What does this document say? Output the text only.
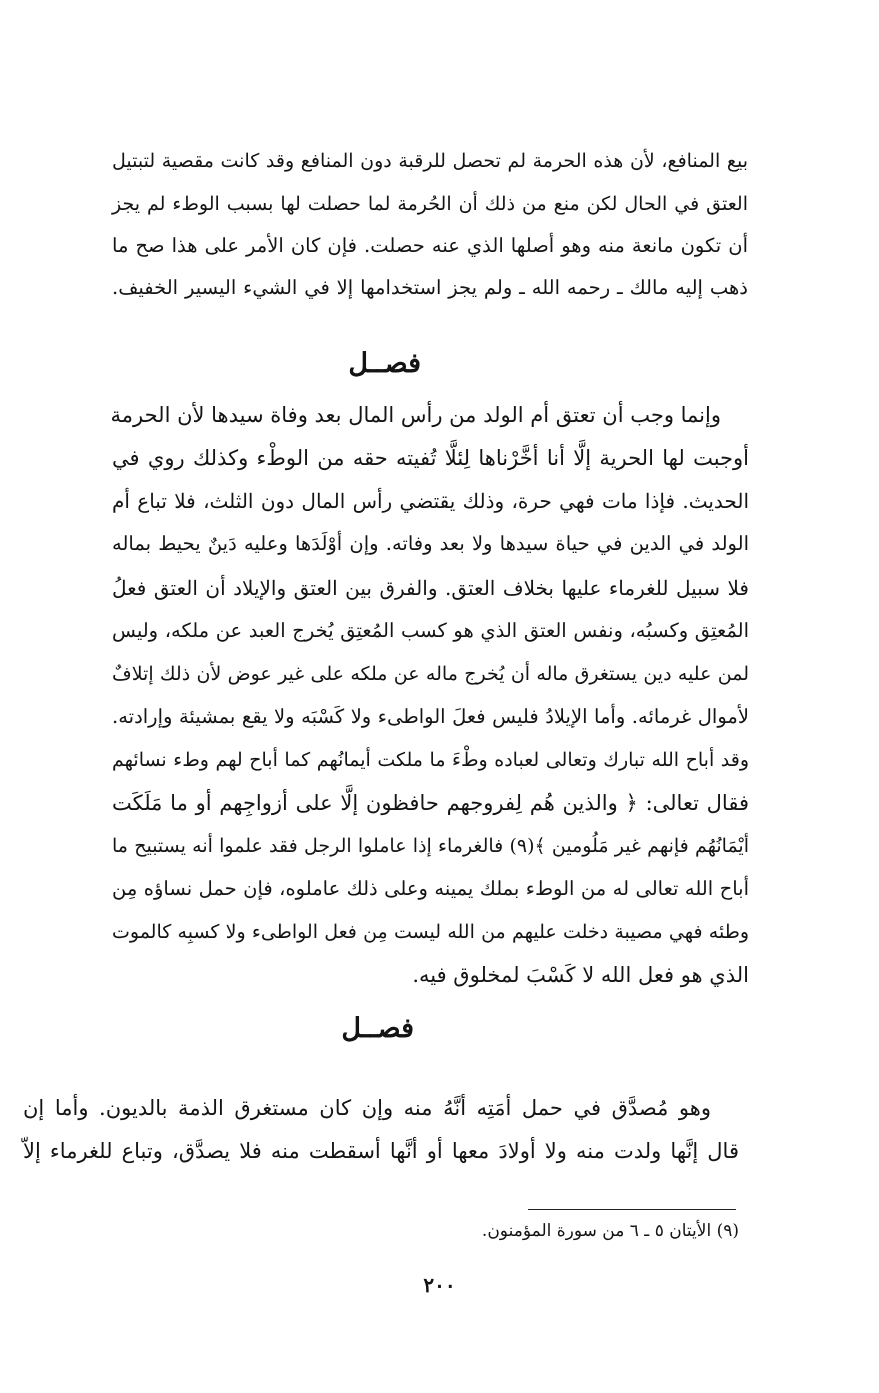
بيع المنافع، لأن هذه الحرمة لم تحصل للرقبة دون المنافع وقد كانت مقصية لتبتيل
العتق في الحال لكن منع من ذلك أن الحُرمة لما حصلت لها بسبب الوطء لم يجز
أن تكون مانعة منه وهو أصلها الذي عنه حصلت. فإن كان الأمر على هذا صح ما
ذهب إليه مالك ـ رحمه الله ـ ولم يجز استخدامها إلا في الشيء اليسير الخفيف.
فصــل
وإنما وجب أن تعتق أم الولد من رأس المال بعد وفاة سيدها لأن الحرمة
أوجبت لها الحرية إلَّا أنا أخَّرْناها لِئلَّا تُفيته حقه من الوطْء وكذلك روي في
الحديث. فإذا مات فهي حرة، وذلك يقتضي رأس المال دون الثلث، فلا تباع أم
الولد في الدين في حياة سيدها ولا بعد وفاته. وإن أوْلَدَها وعليه دَينٌ يحيط بماله
فلا سبيل للغرماء عليها بخلاف العتق. والفرق بين العتق والإيلاد أن العتق فعلُ
المُعتِق وكسبُه، ونفس العتق الذي هو كسب المُعتِق يُخرج العبد عن ملكه، وليس
لمن عليه دين يستغرق ماله أن يُخرج ماله عن ملكه على غير عوض لأن ذلك إتلافٌ
لأموال غرمائه. وأما الإيلادُ فليس فعلَ الواطىء ولا كَسْبَه ولا يقع بمشيئة وإرادته.
وقد أباح الله تبارك وتعالى لعباده وطْءَ ما ملكت أيمانُهم كما أباح لهم وطء نسائهم
فقال تعالى: ﴿ والذين هُم لِفروجهم حافظون إلَّا على أزواجِهم أو ما مَلَكَت
أيْمَانُهُم فإنهم غير مَلُومين ﴾(٩) فالغرماء إذا عاملوا الرجل فقد علموا أنه يستبيح ما
أباح الله تعالى له من الوطء بملك يمينه وعلى ذلك عاملوه، فإن حمل نساؤه مِن
وطئه فهي مصيبة دخلت عليهم من الله ليست مِن فعل الواطىء ولا كسبِه كالموت
الذي هو فعل الله لا كَسْبَ لمخلوق فيه.
فصــل
وهو مُصدَّق في حمل أمَتِه أنَّهُ منه وإن كان مستغرق الذمة بالديون. وأما إن
قال إنَّها ولدت منه ولا أولادَ معها أو أنَّها أسقطت منه فلا يصدَّق، وتباع للغرماء إلاّ
(٩) الأيتان ٥ ـ ٦ من سورة المؤمنون.
٢٠٠
